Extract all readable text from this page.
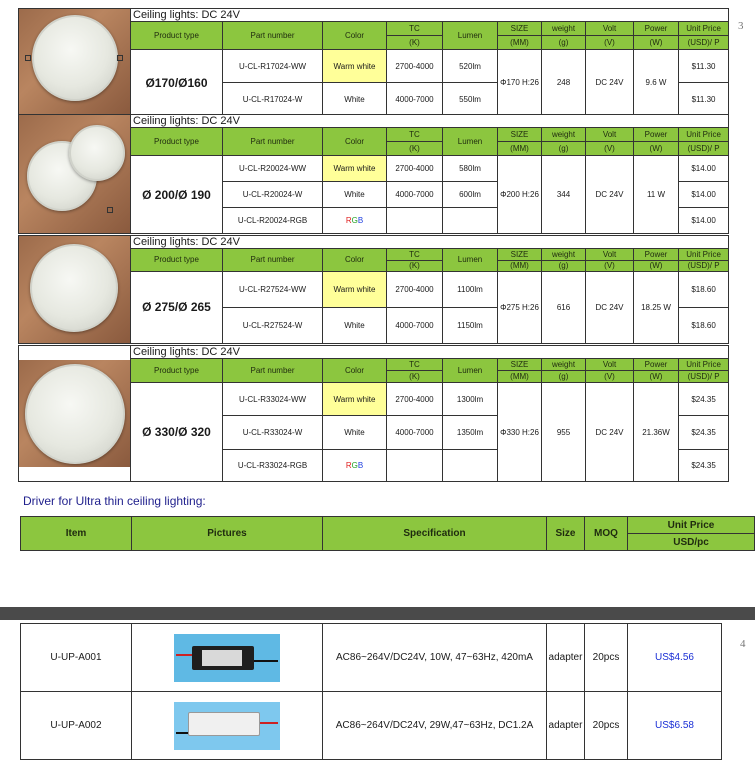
3
	Ceiling lights: DC 24V									
	Product type	Part number	Color	TC	Lumen	SIZE	weight	Volt	Power	Unit Price
				(K)		(MM)	(g)	(V)	(W)	(USD)/ P
	Ø170/Ø160	U-CL-R17024-WW	Warm white	2700-4000	520lm	Φ170 H:26	248	DC 24V	9.6 W	$11.30
		U-CL-R17024-W	White	4000-7000	550lm					$11.30
	Ceiling lights: DC 24V									
	Product type	Part number	Color	TC	Lumen	SIZE	weight	Volt	Power	Unit Price
				(K)		(MM)	(g)	(V)	(W)	(USD)/ P
	Ø 200/Ø 190	U-CL-R20024-WW	Warm white	2700-4000	580lm	Φ200 H:26	344	DC 24V	11 W	$14.00
		U-CL-R20024-W	White	4000-7000	600lm					$14.00
		U-CL-R20024-RGB	RGB							$14.00
	Ceiling lights: DC 24V									
	Product type	Part number	Color	TC	Lumen	SIZE	weight	Volt	Power	Unit Price
				(K)		(MM)	(g)	(V)	(W)	(USD)/ P
	Ø 275/Ø 265	U-CL-R27524-WW	Warm white	2700-4000	1100lm	Φ275 H:26	616	DC 24V	18.25 W	$18.60
		U-CL-R27524-W	White	4000-7000	1150lm					$18.60
	Ceiling lights: DC 24V									
	Product type	Part number	Color	TC	Lumen	SIZE	weight	Volt	Power	Unit Price
				(K)		(MM)	(g)	(V)	(W)	(USD)/ P
	Ø 330/Ø 320	U-CL-R33024-WW	Warm white	2700-4000	1300lm	Φ330 H:26	955	DC 24V	21.36W	$24.35
		U-CL-R33024-W	White	4000-7000	1350lm					$24.35
		U-CL-R33024-RGB	RGB							$24.35
Driver for Ultra thin ceiling lighting:
Item	Pictures	Specification	Size	MOQ	Unit Price
USD/pc
4
U-UP-A001		AC86~264V/DC24V, 10W, 47~63Hz, 420mA	adapter	20pcs	US$4.56
U-UP-A002		AC86~264V/DC24V, 29W,47~63Hz, DC1.2A	adapter	20pcs	US$6.58
